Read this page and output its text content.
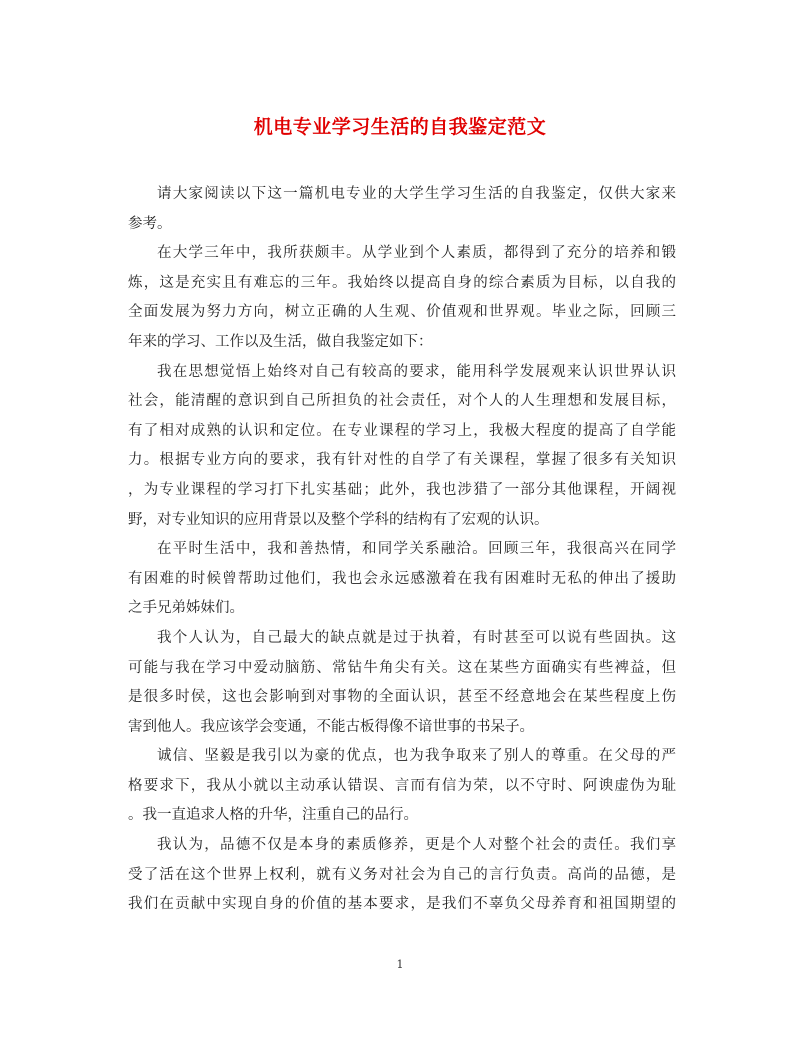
机电专业学习生活的自我鉴定范文
请大家阅读以下这一篇机电专业的大学生学习生活的自我鉴定，仅供大家来
参考。
在大学三年中，我所获颇丰。从学业到个人素质，都得到了充分的培养和锻
炼，这是充实且有难忘的三年。我始终以提高自身的综合素质为目标，以自我的
全面发展为努力方向，树立正确的人生观、价值观和世界观。毕业之际，回顾三
年来的学习、工作以及生活，做自我鉴定如下：
我在思想觉悟上始终对自己有较高的要求，能用科学发展观来认识世界认识
社会，能清醒的意识到自己所担负的社会责任，对个人的人生理想和发展目标，
有了相对成熟的认识和定位。在专业课程的学习上，我极大程度的提高了自学能
力。根据专业方向的要求，我有针对性的自学了有关课程，掌握了很多有关知识
，为专业课程的学习打下扎实基础；此外，我也涉猎了一部分其他课程，开阔视
野，对专业知识的应用背景以及整个学科的结构有了宏观的认识。
在平时生活中，我和善热情，和同学关系融洽。回顾三年，我很高兴在同学
有困难的时候曾帮助过他们，我也会永远感激着在我有困难时无私的伸出了援助
之手兄弟姊妹们。
我个人认为，自己最大的缺点就是过于执着，有时甚至可以说有些固执。这
可能与我在学习中爱动脑筋、常钻牛角尖有关。这在某些方面确实有些裨益，但
是很多时侯，这也会影响到对事物的全面认识，甚至不经意地会在某些程度上伤
害到他人。我应该学会变通，不能古板得像不谙世事的书呆子。
诚信、坚毅是我引以为豪的优点，也为我争取来了别人的尊重。在父母的严
格要求下，我从小就以主动承认错误、言而有信为荣，以不守时、阿谀虚伪为耻
。我一直追求人格的升华，注重自己的品行。
我认为，品德不仅是本身的素质修养，更是个人对整个社会的责任。我们享
受了活在这个世界上权利，就有义务对社会为自己的言行负责。高尚的品德，是
我们在贡献中实现自身的价值的基本要求，是我们不辜负父母养育和祖国期望的
1
